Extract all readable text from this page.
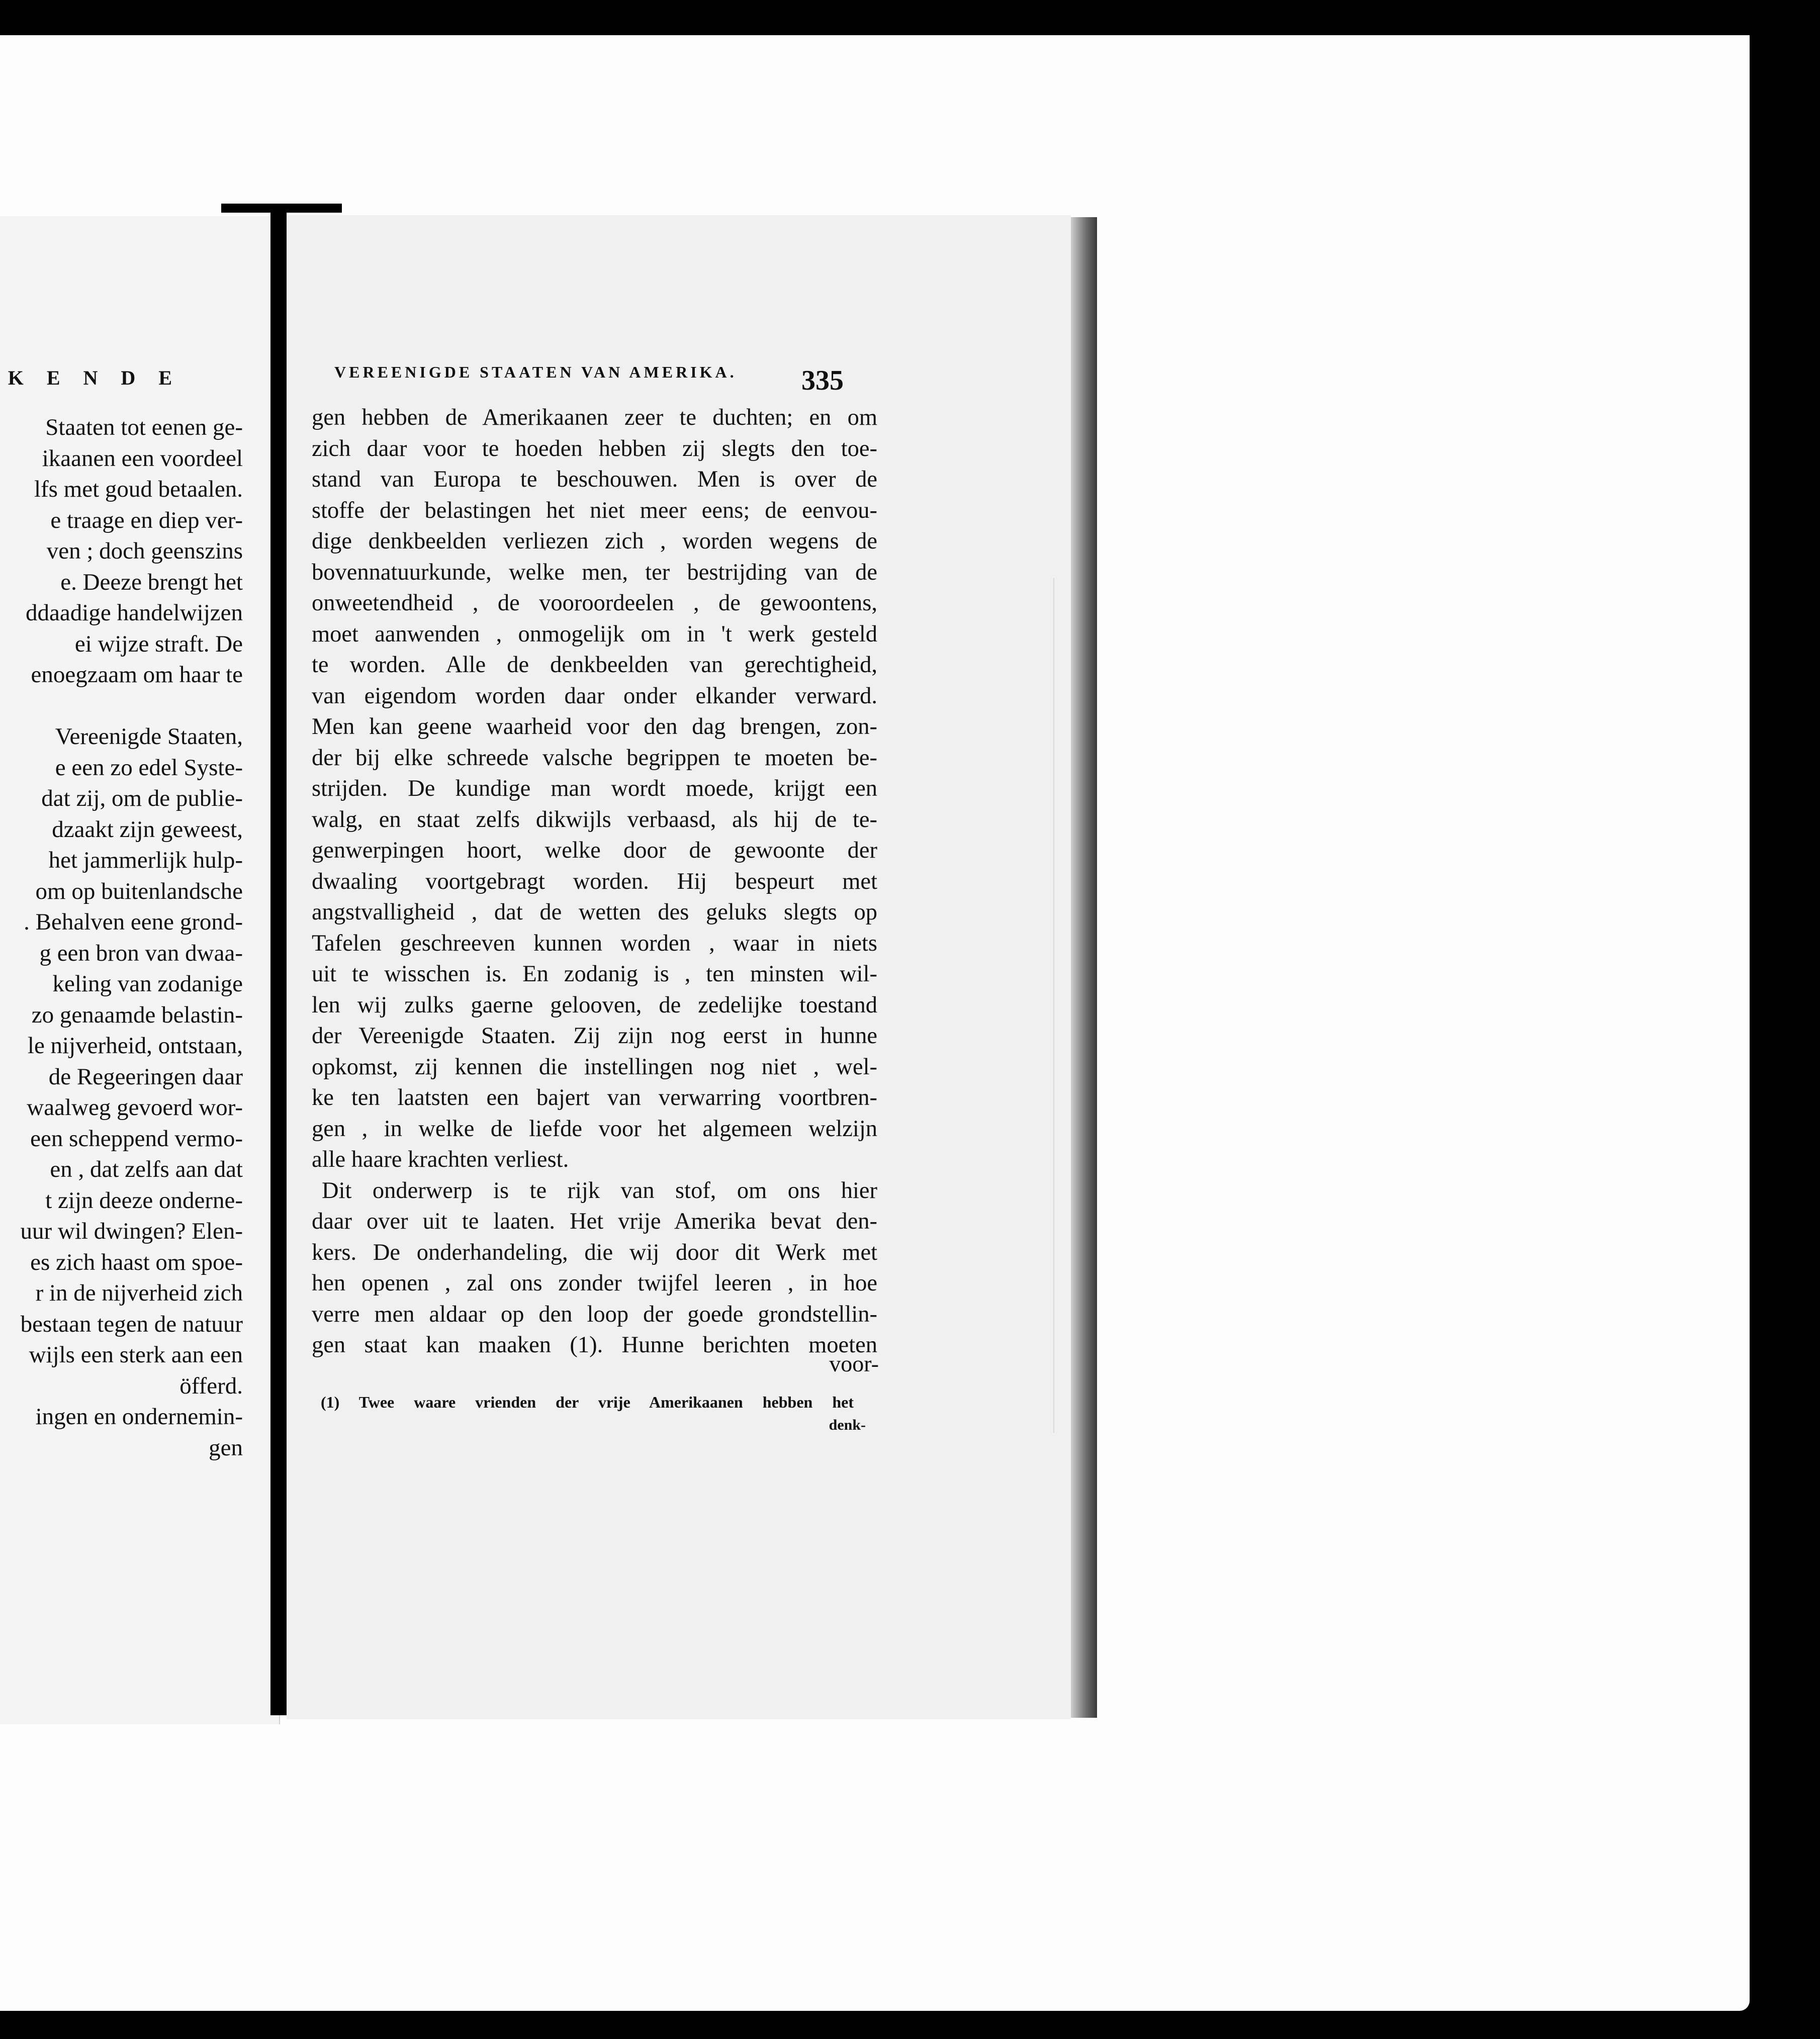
K E N D E
Staaten tot eenen ge-
ikaanen een voordeel
lfs met goud betaalen.
e traage en diep ver-
ven ; doch geenszins
e. Deeze brengt het
ddaadige handelwijzen
ei wijze straft. De
enoegzaam om haar te
Vereenigde Staaten,
e een zo edel Syste-
dat zij, om de publie-
dzaakt zijn geweest,
het jammerlijk hulp-
om op buitenlandsche
. Behalven eene grond-
g een bron van dwaa-
keling van zodanige
zo genaamde belastin-
le nijverheid, ontstaan,
de Regeeringen daar
waalweg gevoerd wor-
een scheppend vermo-
en , dat zelfs aan dat
t zijn deeze onderne-
uur wil dwingen? Elen-
es zich haast om spoe-
r in de nijverheid zich
bestaan tegen de natuur
wijls een sterk aan een
öfferd.
ingen en ondernemin-
gen
VEREENIGDE STAATEN VAN AMERIKA.	335
gen hebben de Amerikaanen zeer te duchten; en om
zich daar voor te hoeden hebben zij slegts den toe-
stand van Europa te beschouwen. Men is over de
stoffe der belastingen het niet meer eens; de eenvou-
dige denkbeelden verliezen zich , worden wegens de
bovennatuurkunde, welke men, ter bestrijding van de
onweetendheid , de vooroordeelen , de gewoontens,
moet aanwenden , onmogelijk om in 't werk gesteld
te worden. Alle de denkbeelden van gerechtigheid,
van eigendom worden daar onder elkander verward.
Men kan geene waarheid voor den dag brengen, zon-
der bij elke schreede valsche begrippen te moeten be-
strijden. De kundige man wordt moede, krijgt een
walg, en staat zelfs dikwijls verbaasd, als hij de te-
genwerpingen hoort, welke door de gewoonte der
dwaaling voortgebragt worden. Hij bespeurt met
angstvalligheid , dat de wetten des geluks slegts op
Tafelen geschreeven kunnen worden , waar in niets
uit te wisschen is. En zodanig is , ten minsten wil-
len wij zulks gaerne gelooven, de zedelijke toestand
der Vereenigde Staaten. Zij zijn nog eerst in hunne
opkomst, zij kennen die instellingen nog niet , wel-
ke ten laatsten een bajert van verwarring voortbren-
gen , in welke de liefde voor het algemeen welzijn
alle haare krachten verliest.
Dit onderwerp is te rijk van stof, om ons hier
daar over uit te laaten. Het vrije Amerika bevat den-
kers. De onderhandeling, die wij door dit Werk met
hen openen , zal ons zonder twijfel leeren , in hoe
verre men aldaar op den loop der goede grondstellin-
gen staat kan maaken (1). Hunne berichten moeten
voor-
(1) Twee waare vrienden der vrije Amerikaanen hebben het
denk-
